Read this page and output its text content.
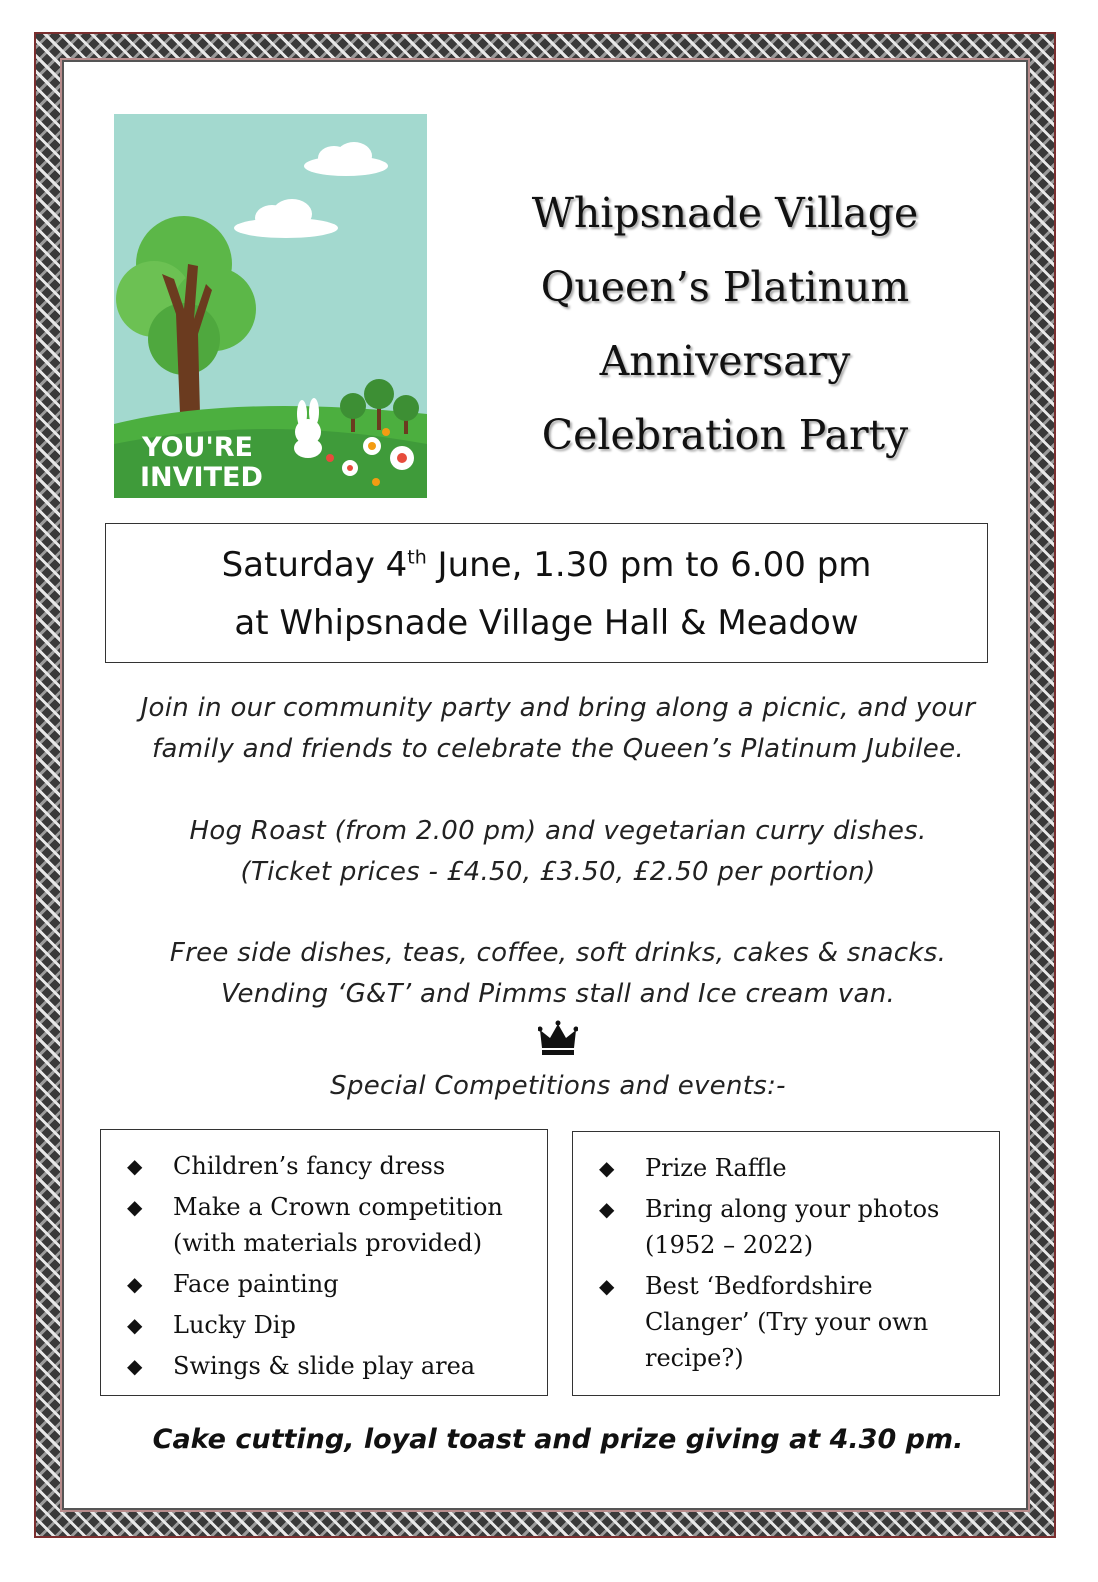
YOU'RE
INVITED
Whipsnade Village
Queen’s Platinum
Anniversary
Celebration Party
Saturday 4th June, 1.30 pm to 6.00 pm
at Whipsnade Village Hall & Meadow
Join in our community party and bring along a picnic, and your
family and friends to celebrate the Queen’s Platinum Jubilee.
Hog Roast (from 2.00 pm) and vegetarian curry dishes.
(Ticket prices - £4.50, £3.50, £2.50 per portion)
Free side dishes, teas, coffee, soft drinks, cakes & snacks.
Vending ‘G&T’ and Pimms stall and Ice cream van.
Special Competitions and events:-
◆ Children’s fancy dress
◆ Make a Crown competition
(with materials provided)
◆ Face painting
◆ Lucky Dip
◆ Swings & slide play area
◆ Prize Raffle
◆ Bring along your photos
(1952 – 2022)
◆ Best ‘Bedfordshire
Clanger’ (Try your own
recipe?)
Cake cutting, loyal toast and prize giving at 4.30 pm.
